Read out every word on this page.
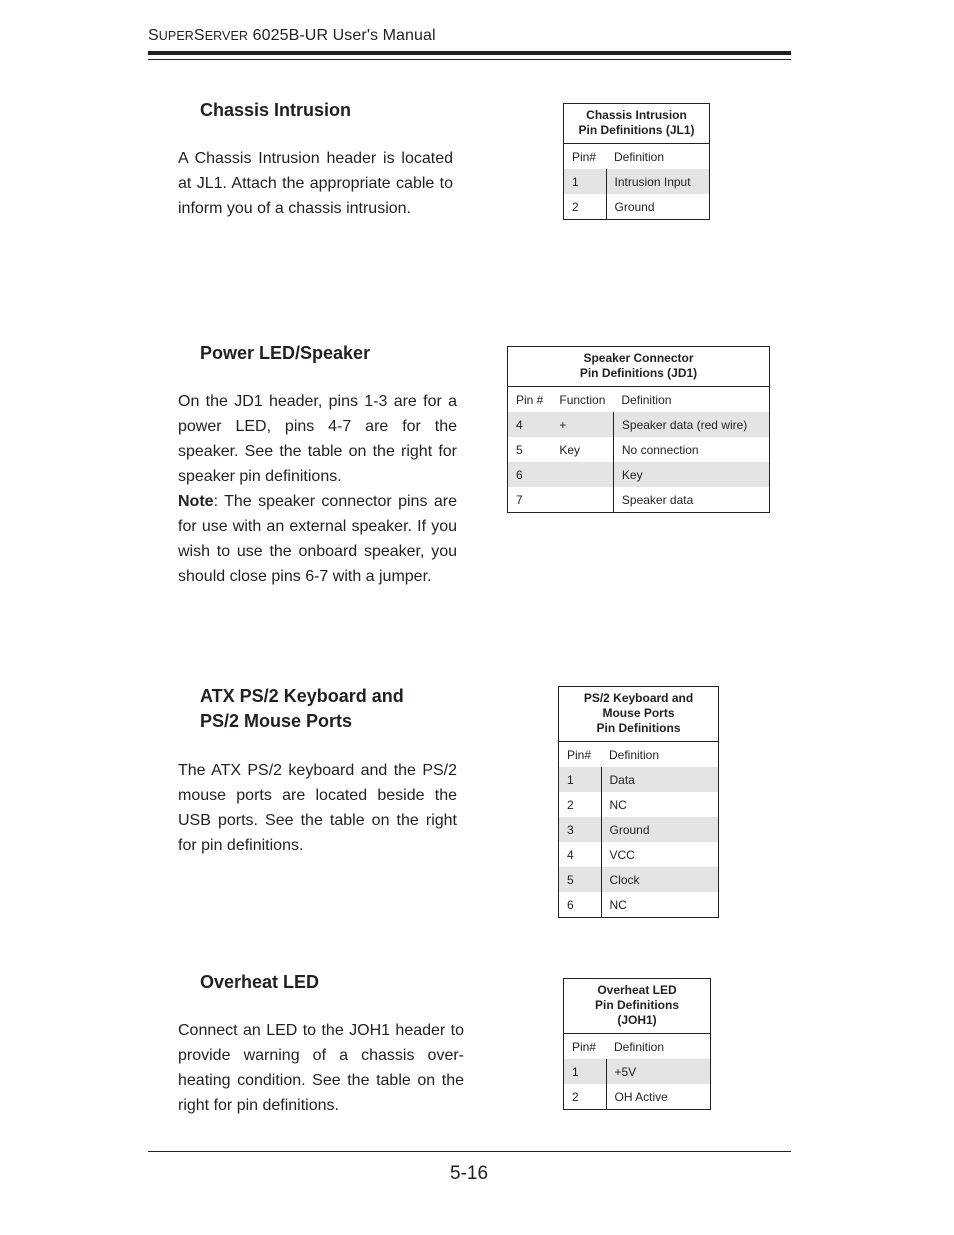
SUPERSERVER 6025B-UR User's Manual
Chassis Intrusion

A Chassis Intrusion header is located at JL1. Attach the appropriate cable to inform you of a chassis intrusion.

Chassis Intrusion
Pin Definitions (JL1)	

Pin#	Definition
1	Intrusion Input
2	Ground
Power LED/Speaker

On the JD1 header, pins 1-3 are for a power LED, pins 4-7 are for the speaker. See the table on the right for speaker pin definitions.

Note: The speaker connector pins are for use with an external speaker. If you wish to use the onboard speaker, you should close pins 6-7 with a jumper.

Speaker Connector
Pin Definitions (JD1)		

Pin #	Function	Definition
4	+	Speaker data (red wire)
5	Key	No connection
6		Key
7		Speaker data
ATX PS/2 Keyboard and
PS/2 Mouse Ports

The ATX PS/2 keyboard and the PS/2 mouse ports are located beside the USB ports. See the table on the right for pin definitions.

PS/2 Keyboard and
Mouse Ports
Pin Definitions	

Pin#	Definition
1	Data
2	NC
3	Ground
4	VCC
5	Clock
6	NC
Overheat LED

Connect an LED to the JOH1 header to provide warning of a chassis over-heating condition. See the table on the right for pin definitions.

Overheat LED
Pin Definitions
(JOH1)	

Pin#	Definition
1	+5V
2	OH Active
5-16
